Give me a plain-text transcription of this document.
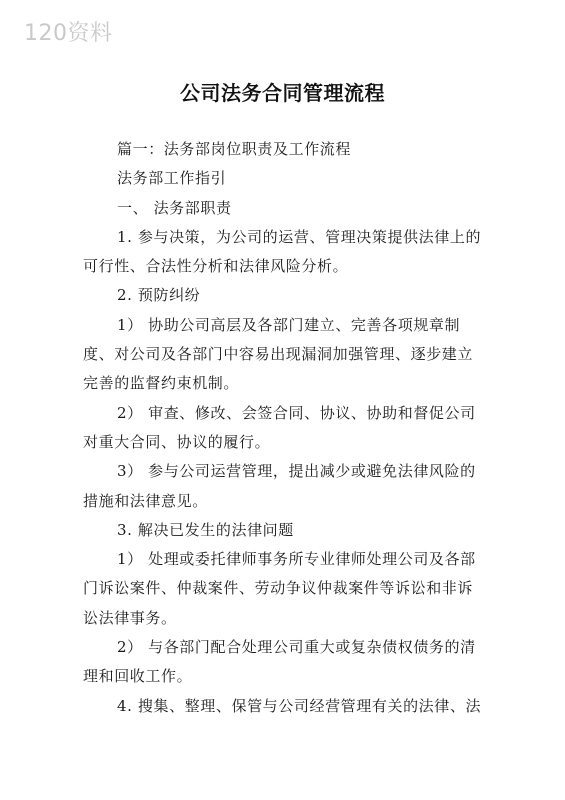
120资料
公司法务合同管理流程

篇一：法务部岗位职责及工作流程

法务部工作指引

一、 法务部职责

1. 参与决策，为公司的运营、管理决策提供法律上的可行性、合法性分析和法律风险分析。

2. 预防纠纷

1） 协助公司高层及各部门建立、完善各项规章制度、对公司及各部门中容易出现漏洞加强管理、逐步建立完善的监督约束机制。

2） 审查、修改、会签合同、协议、协助和督促公司对重大合同、协议的履行。

3） 参与公司运营管理，提出减少或避免法律风险的措施和法律意见。

3. 解决已发生的法律问题

1） 处理或委托律师事务所专业律师处理公司及各部门诉讼案件、仲裁案件、劳动争议仲裁案件等诉讼和非诉讼法律事务。

2） 与各部门配合处理公司重大或复杂债权债务的清理和回收工作。

4. 搜集、整理、保管与公司经营管理有关的法律、法
